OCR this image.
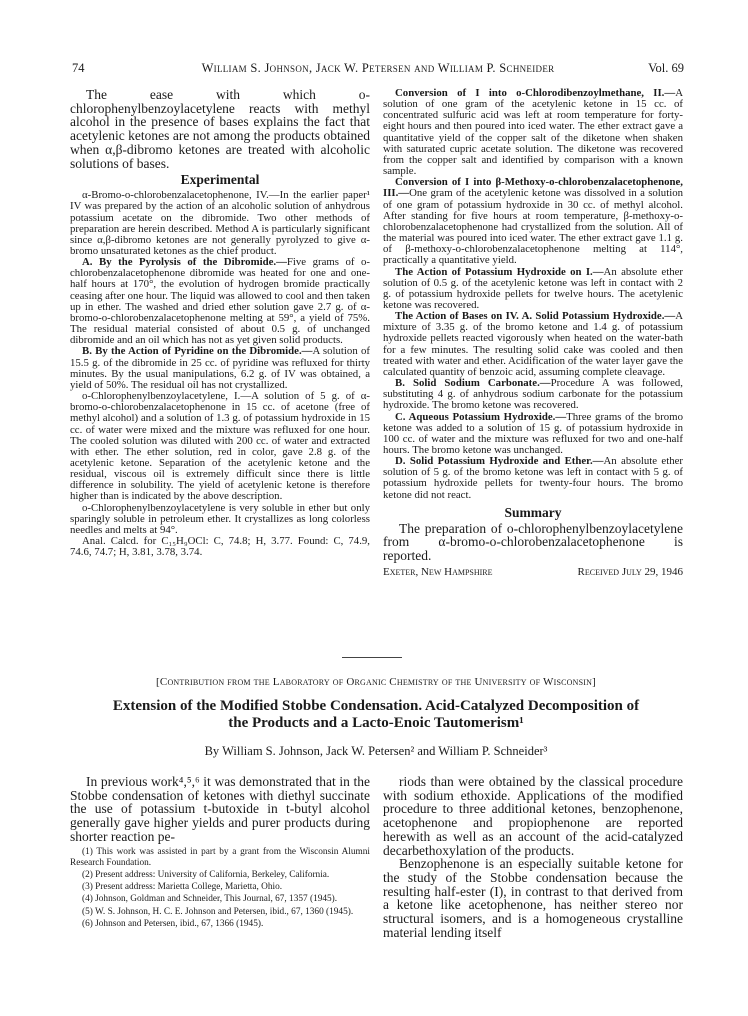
74	William S. Johnson, Jack W. Petersen and William P. Schneider	Vol. 69

The ease with which o-chlorophenylbenzoylacetylene reacts with methyl alcohol in the presence of bases explains the fact that acetylenic ketones are not among the products obtained when α,β-dibromo ketones are treated with alcoholic solutions of bases.

Experimental

α-Bromo-o-chlorobenzalacetophenone, IV.—In the earlier paper¹ IV was prepared by the action of an alcoholic solution of anhydrous potassium acetate on the dibromide. Two other methods of preparation are herein described. Method A is particularly significant since α,β-dibromo ketones are not generally pyrolyzed to give α-bromo unsaturated ketones as the chief product.

A. By the Pyrolysis of the Dibromide.—Five grams of o-chlorobenzalacetophenone dibromide was heated for one and one-half hours at 170°, the evolution of hydrogen bromide practically ceasing after one hour. The liquid was allowed to cool and then taken up in ether. The washed and dried ether solution gave 2.7 g. of α-bromo-o-chlorobenzalacetophenone melting at 59°, a yield of 75%. The residual material consisted of about 0.5 g. of unchanged dibromide and an oil which has not as yet given solid products.

B. By the Action of Pyridine on the Dibromide.—A solution of 15.5 g. of the dibromide in 25 cc. of pyridine was refluxed for thirty minutes. By the usual manipulations, 6.2 g. of IV was obtained, a yield of 50%. The residual oil has not crystallized.

o-Chlorophenylbenzoylacetylene, I.—A solution of 5 g. of α-bromo-o-chlorobenzalacetophenone in 15 cc. of acetone (free of methyl alcohol) and a solution of 1.3 g. of potassium hydroxide in 15 cc. of water were mixed and the mixture was refluxed for one hour. The cooled solution was diluted with 200 cc. of water and extracted with ether. The ether solution, red in color, gave 2.8 g. of the acetylenic ketone. Separation of the acetylenic ketone and the residual, viscous oil is extremely difficult since there is little difference in solubility. The yield of acetylenic ketone is therefore higher than is indicated by the above description.

o-Chlorophenylbenzoylacetylene is very soluble in ether but only sparingly soluble in petroleum ether. It crystallizes as long colorless needles and melts at 94°.

Anal. Calcd. for C₁₅H₉OCl: C, 74.8; H, 3.77. Found: C, 74.9, 74.6, 74.7; H, 3.81, 3.78, 3.74.

Conversion of I into o-Chlorodibenzoylmethane, II.—A solution of one gram of the acetylenic ketone in 15 cc. of concentrated sulfuric acid was left at room temperature for forty-eight hours and then poured into iced water. The ether extract gave a quantitative yield of the copper salt of the diketone when shaken with saturated cupric acetate solution. The diketone was recovered from the copper salt and identified by comparison with a known sample.

Conversion of I into β-Methoxy-o-chlorobenzalacetophenone, III.—One gram of the acetylenic ketone was dissolved in a solution of one gram of potassium hydroxide in 30 cc. of methyl alcohol. After standing for five hours at room temperature, β-methoxy-o-chlorobenzalacetophenone had crystallized from the solution. All of the material was poured into iced water. The ether extract gave 1.1 g. of β-methoxy-o-chlorobenzalacetophenone melting at 114°, practically a quantitative yield.

The Action of Potassium Hydroxide on I.—An absolute ether solution of 0.5 g. of the acetylenic ketone was left in contact with 2 g. of potassium hydroxide pellets for twelve hours. The acetylenic ketone was recovered.

The Action of Bases on IV. A. Solid Potassium Hydroxide.—A mixture of 3.35 g. of the bromo ketone and 1.4 g. of potassium hydroxide pellets reacted vigorously when heated on the water-bath for a few minutes. The resulting solid cake was cooled and then treated with water and ether. Acidification of the water layer gave the calculated quantity of benzoic acid, assuming complete cleavage.

B. Solid Sodium Carbonate.—Procedure A was followed, substituting 4 g. of anhydrous sodium carbonate for the potassium hydroxide. The bromo ketone was recovered.

C. Aqueous Potassium Hydroxide.—Three grams of the bromo ketone was added to a solution of 15 g. of potassium hydroxide in 100 cc. of water and the mixture was refluxed for two and one-half hours. The bromo ketone was unchanged.

D. Solid Potassium Hydroxide and Ether.—An absolute ether solution of 5 g. of the bromo ketone was left in contact with 5 g. of potassium hydroxide pellets for twenty-four hours. The bromo ketone did not react.

Summary

The preparation of o-chlorophenylbenzoylacetylene from α-bromo-o-chlorobenzalacetophenone is reported.

Exeter, New Hampshire	Received July 29, 1946
[Contribution from the Laboratory of Organic Chemistry of the University of Wisconsin]
Extension of the Modified Stobbe Condensation. Acid-Catalyzed Decomposition of
the Products and a Lacto-Enoic Tautomerism¹
By William S. Johnson, Jack W. Petersen² and William P. Schneider³

In previous work⁴,⁵,⁶ it was demonstrated that in the Stobbe condensation of ketones with diethyl succinate the use of potassium t-butoxide in t-butyl alcohol generally gave higher yields and purer products during shorter reaction pe-

(1) This work was assisted in part by a grant from the Wisconsin Alumni Research Foundation.

(2) Present address: University of California, Berkeley, California.

(3) Present address: Marietta College, Marietta, Ohio.

(4) Johnson, Goldman and Schneider, This Journal, 67, 1357 (1945).

(5) W. S. Johnson, H. C. E. Johnson and Petersen, ibid., 67, 1360 (1945).

(6) Johnson and Petersen, ibid., 67, 1366 (1945).

riods than were obtained by the classical procedure with sodium ethoxide. Applications of the modified procedure to three additional ketones, benzophenone, acetophenone and propiophenone are reported herewith as well as an account of the acid-catalyzed decarbethoxylation of the products.

Benzophenone is an especially suitable ketone for the study of the Stobbe condensation because the resulting half-ester (I), in contrast to that derived from a ketone like acetophenone, has neither stereo nor structural isomers, and is a homogeneous crystalline material lending itself
